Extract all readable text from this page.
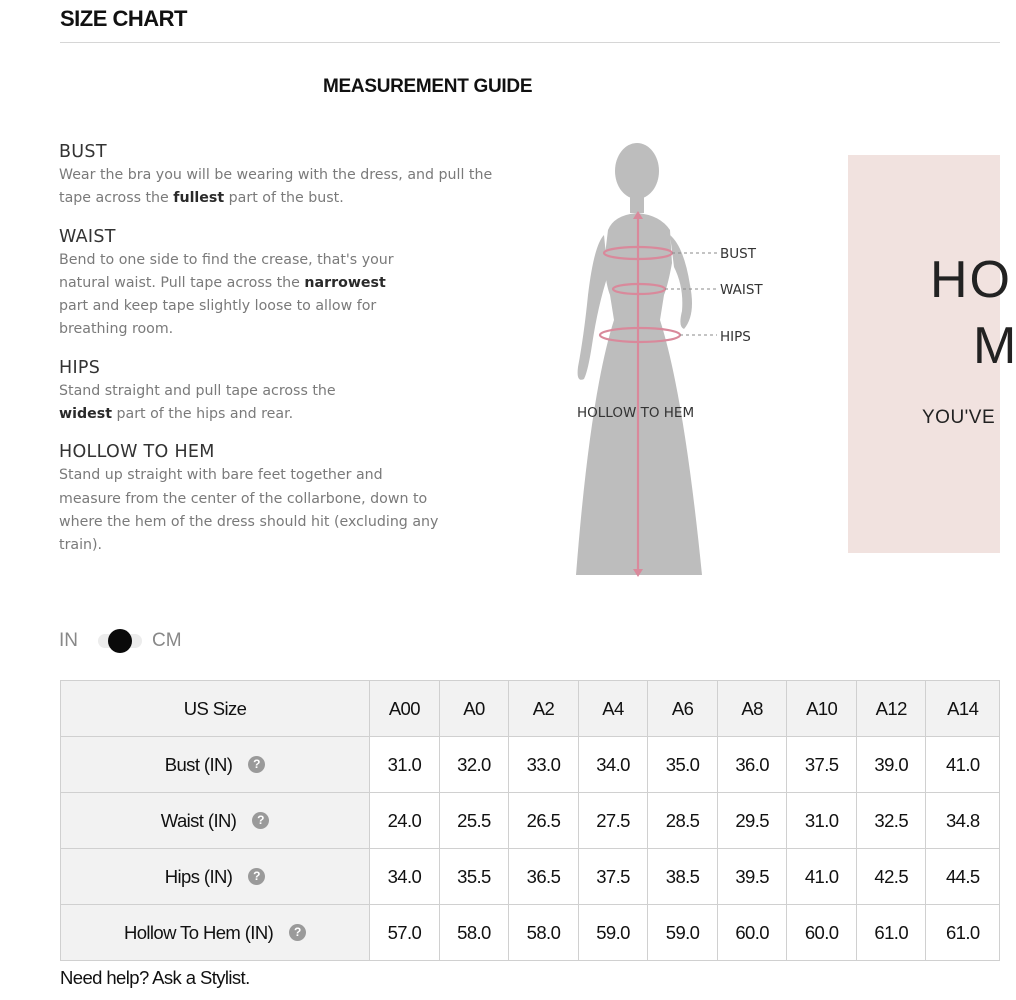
SIZE CHART
MEASUREMENT GUIDE
BUST
Wear the bra you will be wearing with the dress, and pull the tape across the fullest part of the bust.
WAIST
Bend to one side to find the crease, that's your natural waist. Pull tape across the narrowest part and keep tape slightly loose to allow for breathing room.
HIPS
Stand straight and pull tape across the widest part of the hips and rear.
HOLLOW TO HEM
Stand up straight with bare feet together and measure from the center of the collarbone, down to where the hem of the dress should hit (excluding any train).
BUST
WAIST
HIPS
HOLLOW TO HEM
HO
M
YOU'VE
IN	CM
US Size	A00	A0	A2	A4	A6	A8	A10	A12	A14

Bust (IN) ?	31.0	32.0	33.0	34.0	35.0	36.0	37.5	39.0	41.0

Waist (IN) ?	24.0	25.5	26.5	27.5	28.5	29.5	31.0	32.5	34.8

Hips (IN) ?	34.0	35.5	36.5	37.5	38.5	39.5	41.0	42.5	44.5

Hollow To Hem (IN) ?	57.0	58.0	58.0	59.0	59.0	60.0	60.0	61.0	61.0
Need help? Ask a Stylist.
